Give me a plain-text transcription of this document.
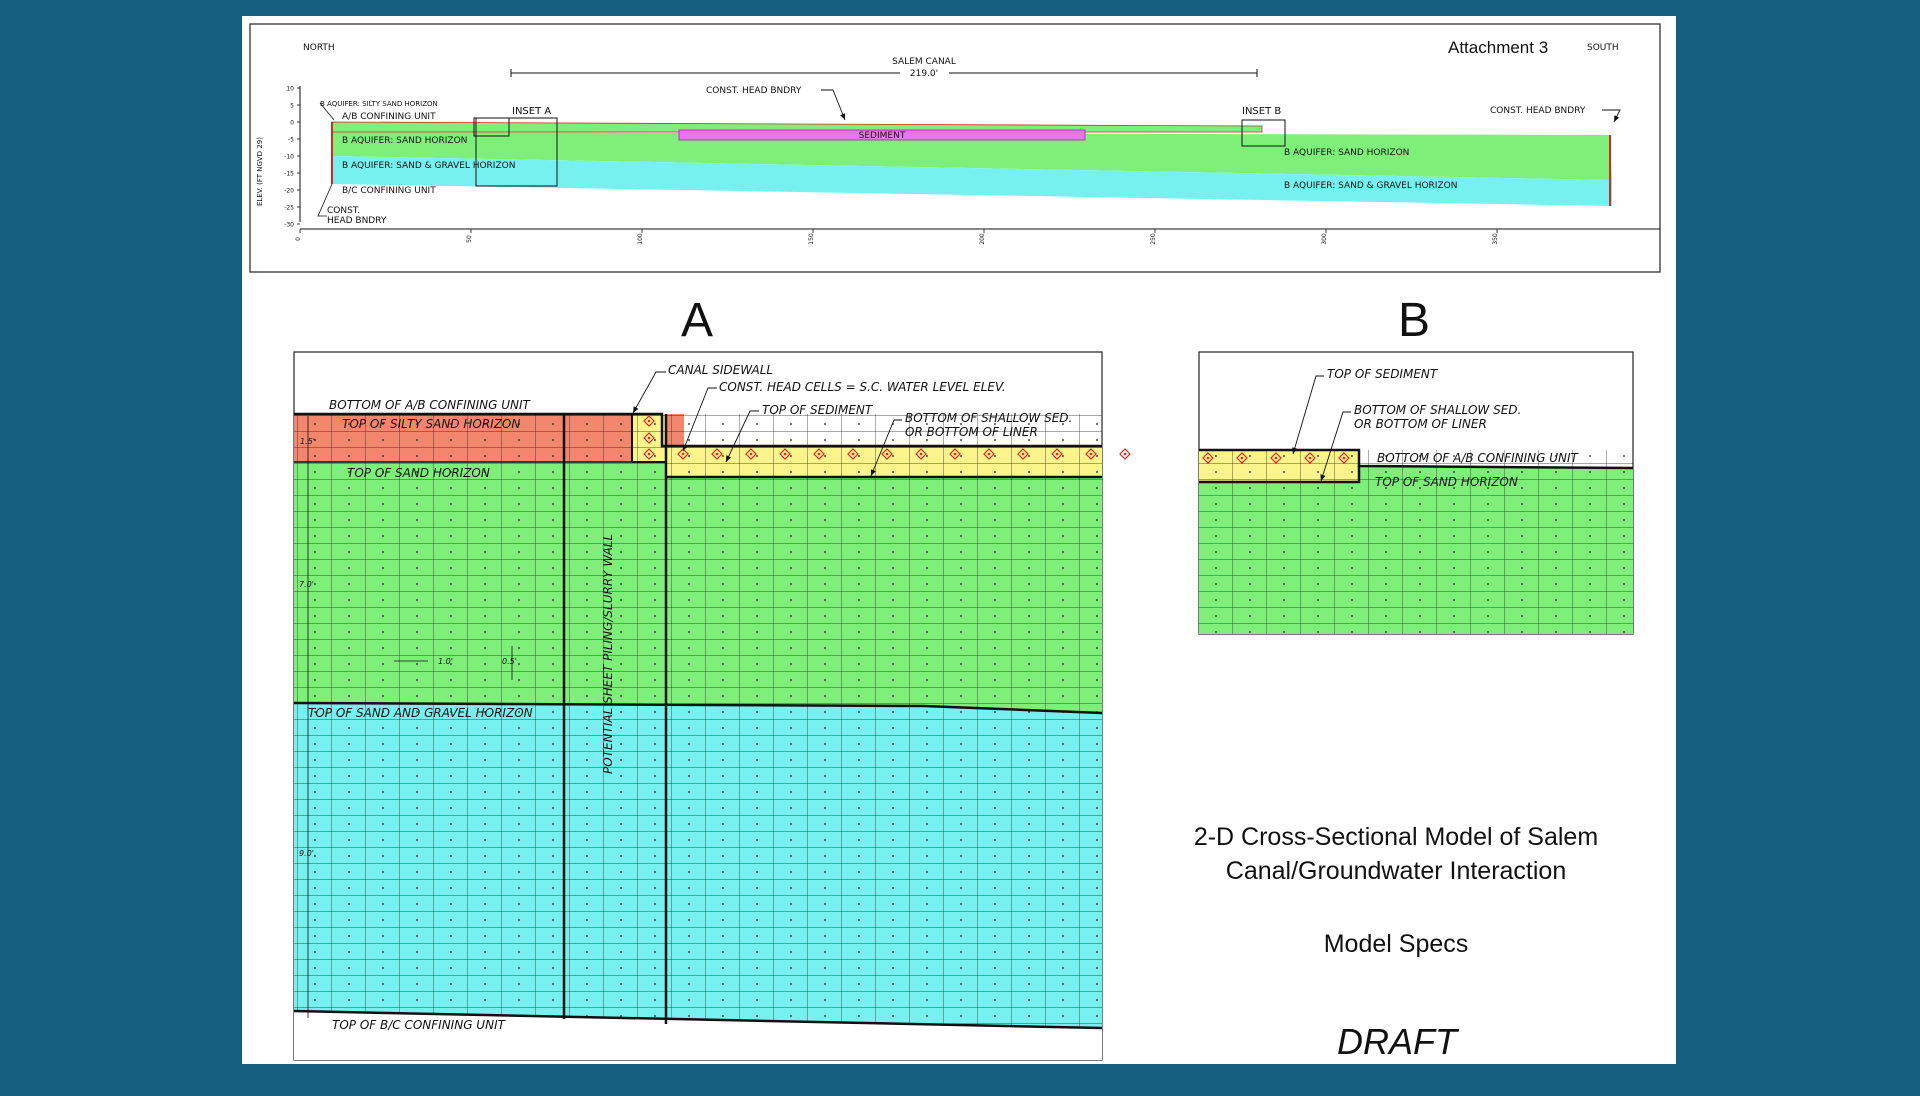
10
5
0
-5
-10
-15
-20
-25
-30
ELEV. (FT NGVD 29)
0	50	100	150	200	250	300	350
NORTH	SOUTH
Attachment 3
SALEM CANAL
219.0'
CONST. HEAD BNDRY
CONST. HEAD BNDRY
INSET A	INSET B
SEDIMENT
B AQUIFER: SILTY SAND HORIZON
A/B CONFINING UNIT
B AQUIFER: SAND HORIZON
B AQUIFER: SAND & GRAVEL HORIZON
B/C CONFINING UNIT
B AQUIFER: SAND HORIZON
B AQUIFER: SAND & GRAVEL HORIZON
CONST.
HEAD BNDRY
A
1.5'
7.0'
9.0'
1.0'	0.5'
BOTTOM OF A/B CONFINING UNIT
TOP OF SILTY SAND HORIZON
TOP OF SAND HORIZON
TOP OF SAND AND GRAVEL HORIZON
TOP OF B/C CONFINING UNIT
POTENTIAL SHEET PILING/SLURRY WALL
CANAL SIDEWALL
CONST. HEAD CELLS = S.C. WATER LEVEL ELEV.
TOP OF SEDIMENT
BOTTOM OF SHALLOW SED.
OR BOTTOM OF LINER
B
TOP OF SEDIMENT
BOTTOM OF SHALLOW SED.
OR BOTTOM OF LINER
BOTTOM OF A/B CONFINING UNIT
TOP OF SAND HORIZON
2-D Cross-Sectional Model of Salem
Canal/Groundwater Interaction
Model Specs
DRAFT
